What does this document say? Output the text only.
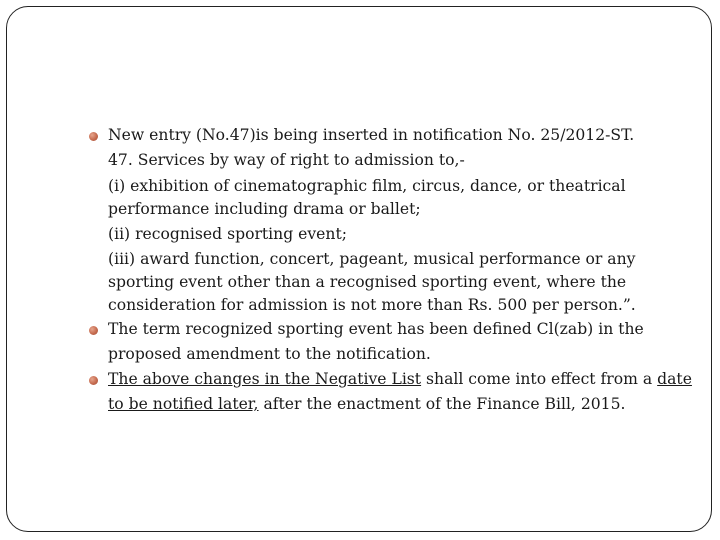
New entry (No.47)is being inserted in notification No. 25/2012-ST.
47. Services by way of right to admission to,-
(i) exhibition of cinematographic film, circus, dance, or theatrical performance including drama or ballet;
(ii) recognised sporting event;
(iii) award function, concert, pageant, musical performance or any sporting event other than a recognised sporting event, where the consideration for admission is not more than Rs. 500 per person.”.
The term recognized sporting event has been defined Cl(zab) in the proposed amendment to the notification.
The above changes in the Negative List shall come into effect from a date to be notified later, after the enactment of the Finance Bill, 2015.
